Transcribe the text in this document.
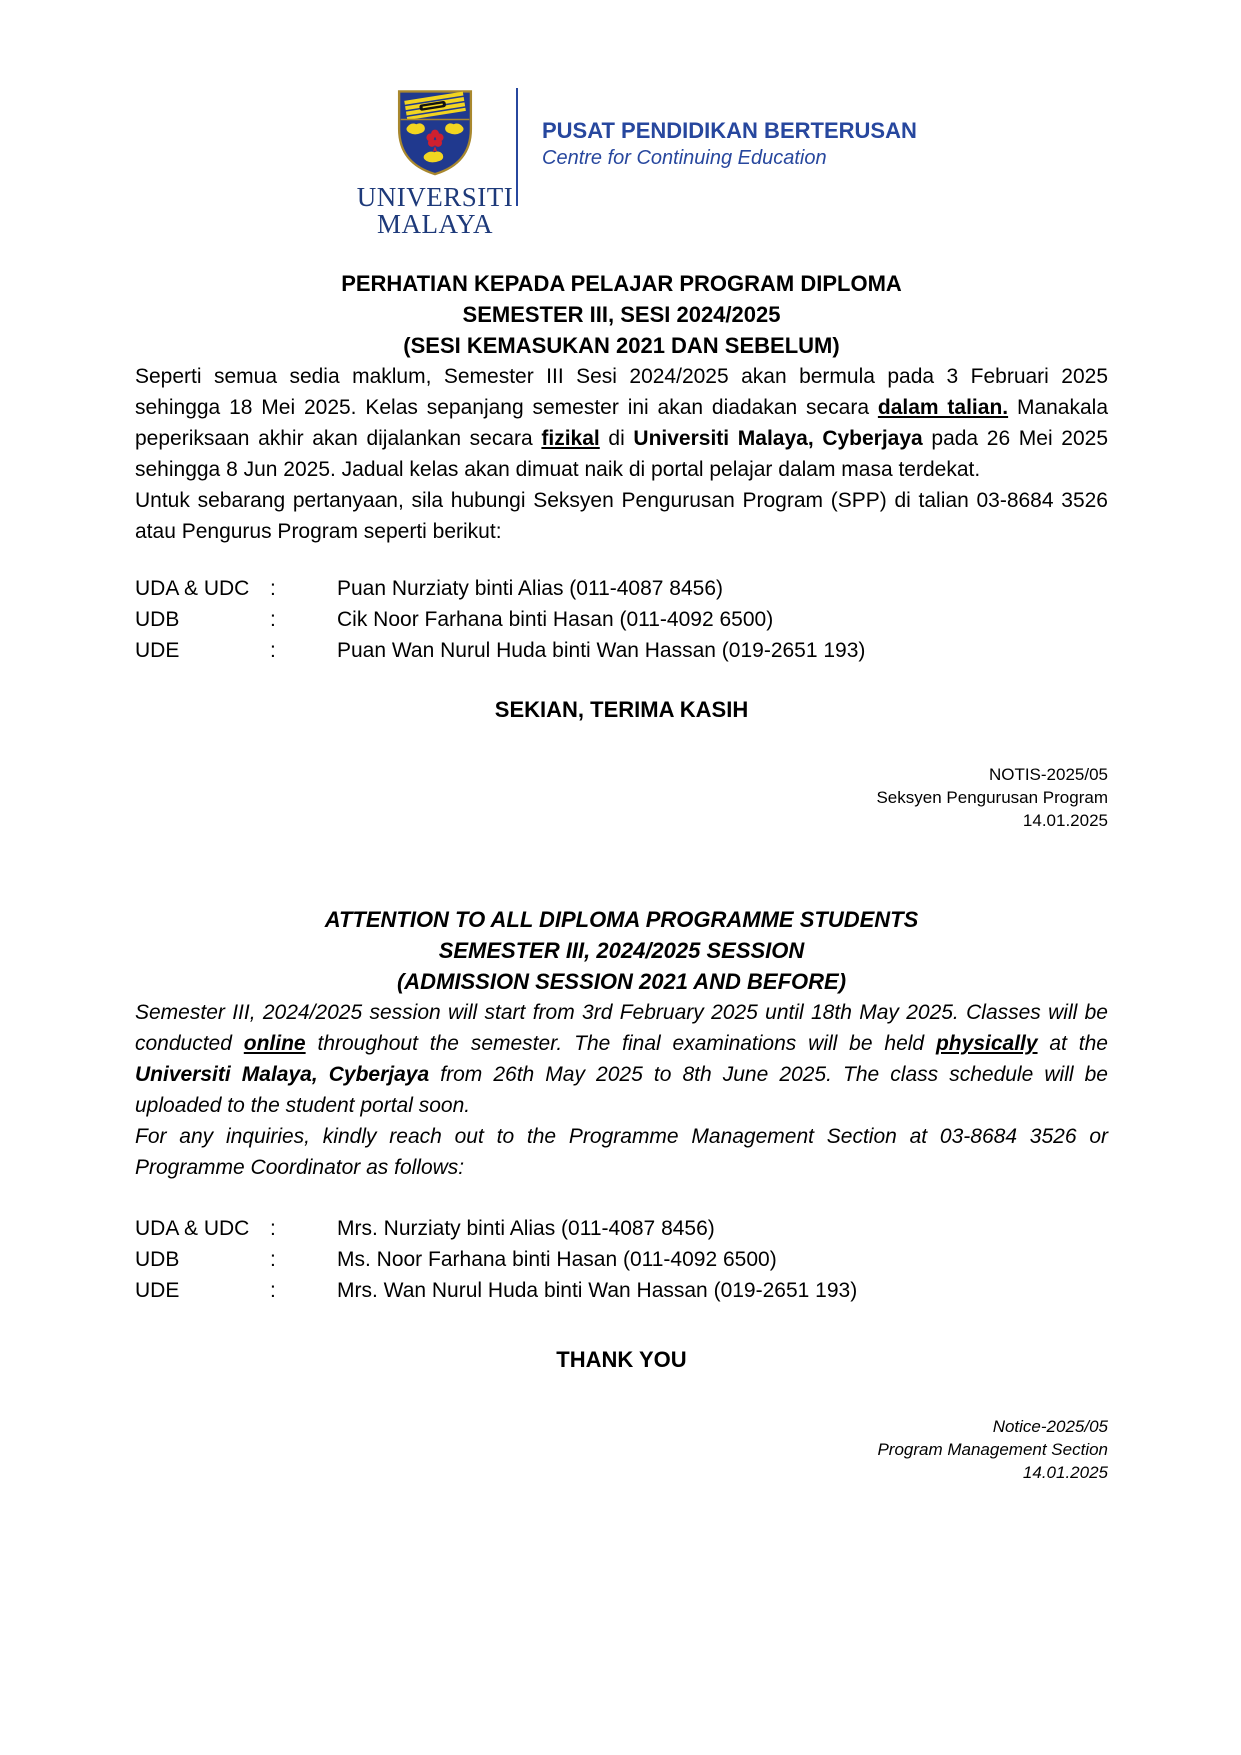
UNIVERSITI
MALAYA
PUSAT PENDIDIKAN BERTERUSAN
Centre for Continuing Education
PERHATIAN KEPADA PELAJAR PROGRAM DIPLOMA
SEMESTER III, SESI 2024/2025
(SESI KEMASUKAN 2021 DAN SEBELUM)

Seperti semua sedia maklum, Semester III Sesi 2024/2025 akan bermula pada 3 Februari 2025 sehingga 18 Mei 2025. Kelas sepanjang semester ini akan diadakan secara dalam talian. Manakala peperiksaan akhir akan dijalankan secara fizikal di Universiti Malaya, Cyberjaya pada 26 Mei 2025 sehingga 8 Jun 2025. Jadual kelas akan dimuat naik di portal pelajar dalam masa terdekat.

Untuk sebarang pertanyaan, sila hubungi Seksyen Pengurusan Program (SPP) di talian 03-8684 3526 atau Pengurus Program seperti berikut:

UDA & UDC :	Puan Nurziaty binti Alias (011-4087 8456)
UDB	:	Cik Noor Farhana binti Hasan (011-4092 6500)
UDE	:	Puan Wan Nurul Huda binti Wan Hassan (019-2651 193)
SEKIAN, TERIMA KASIH
NOTIS-2025/05
Seksyen Pengurusan Program
14.01.2025
ATTENTION TO ALL DIPLOMA PROGRAMME STUDENTS
SEMESTER III, 2024/2025 SESSION
(ADMISSION SESSION 2021 AND BEFORE)

Semester III, 2024/2025 session will start from 3rd February 2025 until 18th May 2025. Classes will be conducted online throughout the semester. The final examinations will be held physically at the Universiti Malaya, Cyberjaya from 26th May 2025 to 8th June 2025. The class schedule will be uploaded to the student portal soon.

For any inquiries, kindly reach out to the Programme Management Section at 03-8684 3526 or Programme Coordinator as follows:

UDA & UDC :	Mrs. Nurziaty binti Alias (011-4087 8456)
UDB	:	Ms. Noor Farhana binti Hasan (011-4092 6500)
UDE	:	Mrs. Wan Nurul Huda binti Wan Hassan (019-2651 193)
THANK YOU
Notice-2025/05
Program Management Section
14.01.2025
